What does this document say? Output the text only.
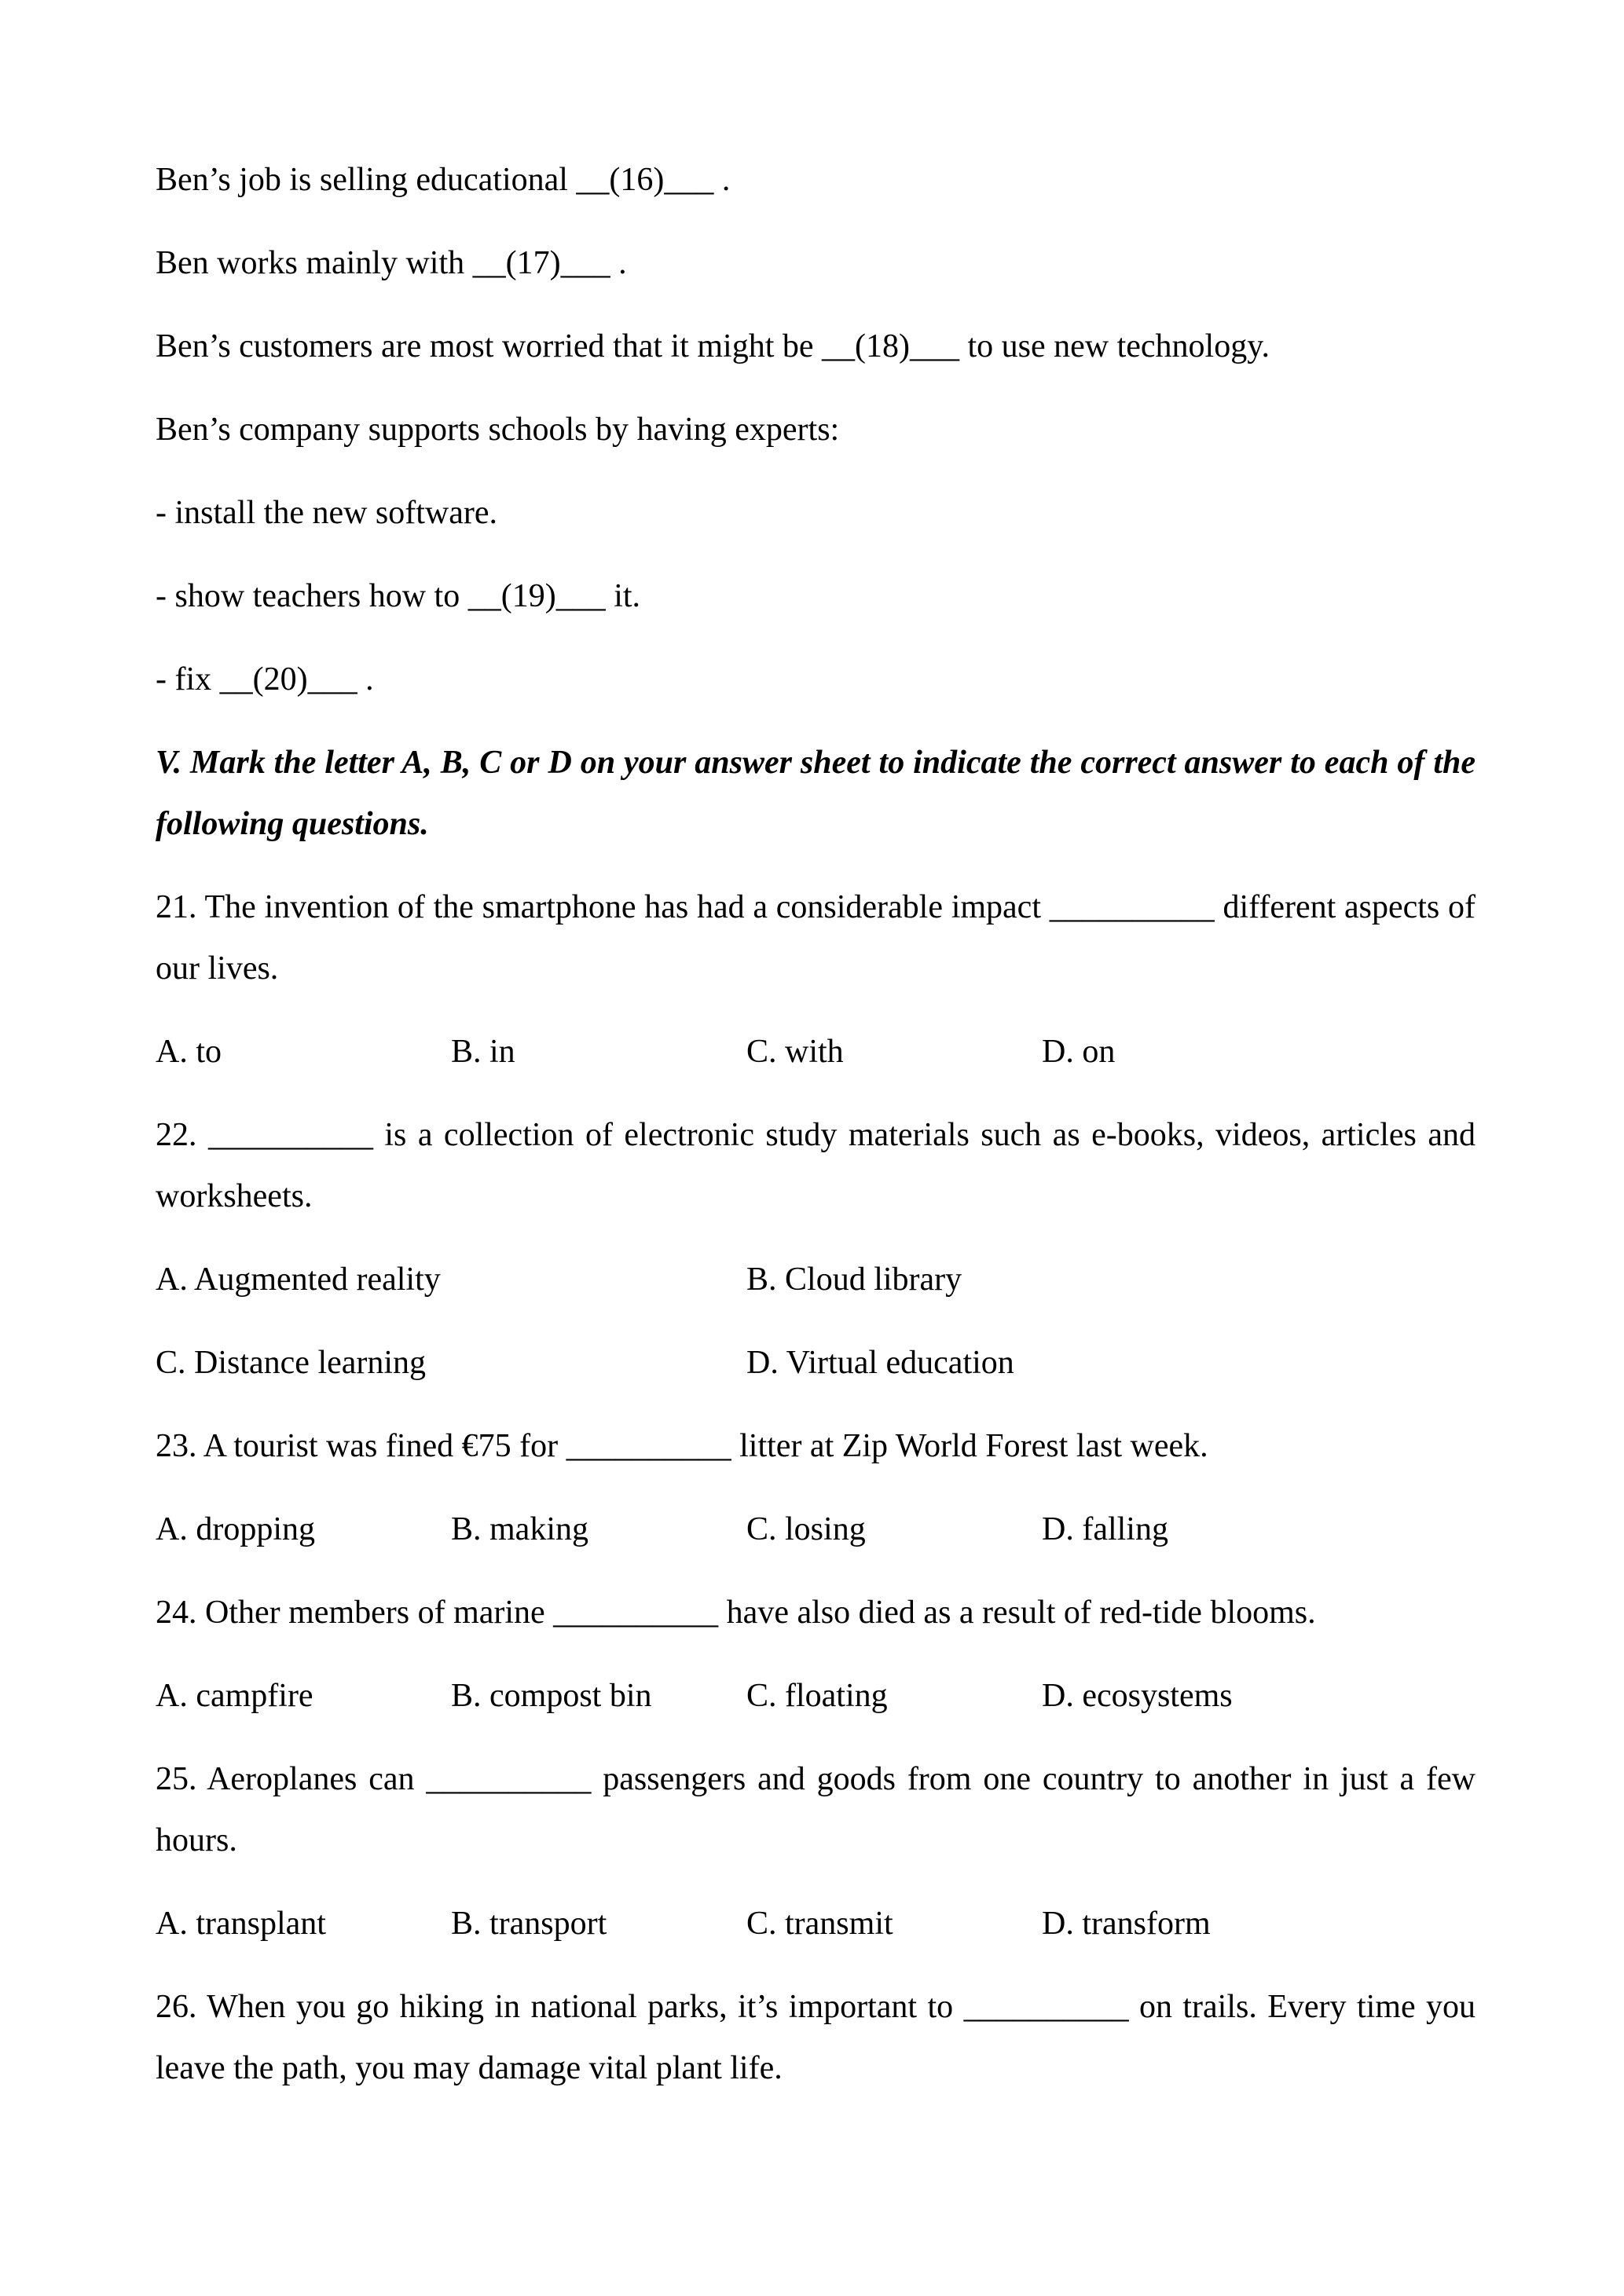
Ben’s job is selling educational __(16)___ .
Ben works mainly with __(17)___ .
Ben’s customers are most worried that it might be __(18)___ to use new technology.
Ben’s company supports schools by having experts:
- install the new software.
- show teachers how to __(19)___ it.
- fix __(20)___ .
V. Mark the letter A, B, C or D on your answer sheet to indicate the correct answer to each of the following questions.
21. The invention of the smartphone has had a considerable impact __________ different aspects of our lives.
A. to	B. in	C. with	D. on
22. __________ is a collection of electronic study materials such as e-books, videos, articles and worksheets.
A. Augmented reality	B. Cloud library
C. Distance learning	D. Virtual education
23. A tourist was fined €75 for __________ litter at Zip World Forest last week.
A. dropping	B. making	C. losing	D. falling
24. Other members of marine __________ have also died as a result of red-tide blooms.
A. campfire	B. compost bin	C. floating	D. ecosystems
25. Aeroplanes can __________ passengers and goods from one country to another in just a few hours.
A. transplant	B. transport	C. transmit	D. transform
26. When you go hiking in national parks, it’s important to __________ on trails. Every time you leave the path, you may damage vital plant life.
